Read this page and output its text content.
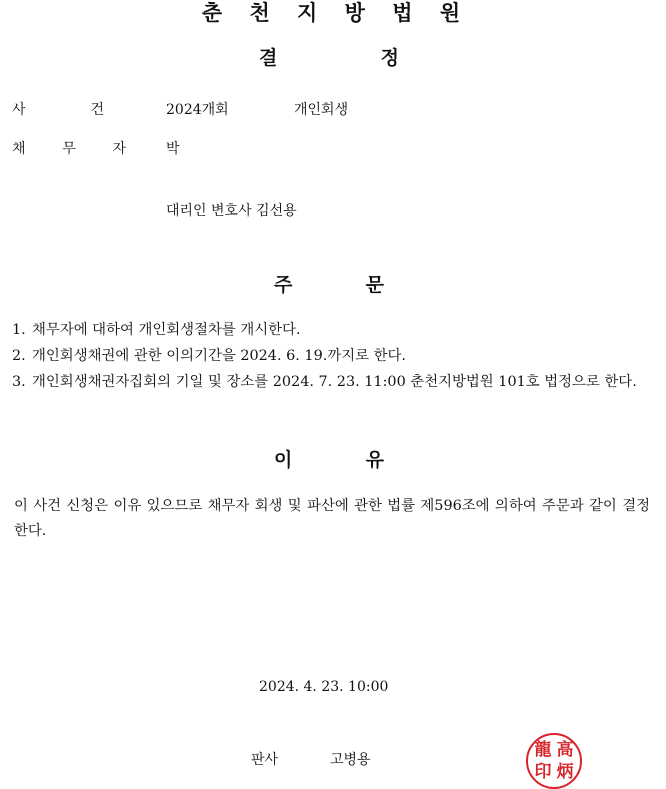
춘 천 지 방 법 원
결	정
사	건	2024개회	개인회생
채	무	자	박
대리인 변호사 김선용
주	문
1. 채무자에 대하여 개인회생절차를 개시한다.
2. 개인회생채권에 관한 이의기간을 2024. 6. 19.까지로 한다.
3. 개인회생채권자집회의 기일 및 장소를 2024. 7. 23. 11:00 춘천지방법원 101호 법정으로 한다.
이	유
이 사건 신청은 이유 있으므로 채무자 회생 및 파산에 관한 법률 제596조에 의하여 주문과 같이 결정한다.
2024. 4. 23. 10:00
판사	고병용
龍 高
印 炳
